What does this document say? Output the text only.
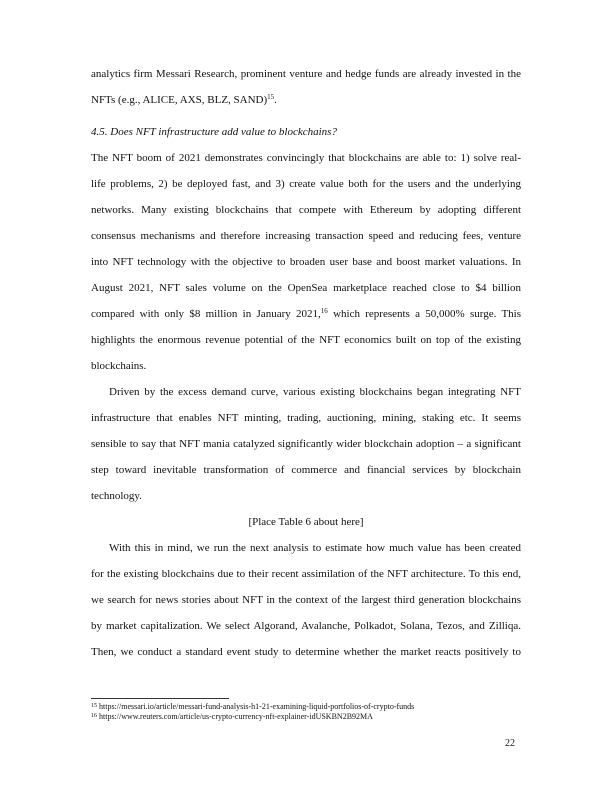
analytics firm Messari Research, prominent venture and hedge funds are already invested in the

NFTs (e.g., ALICE, AXS, BLZ, SAND)$^{15}$.

4.5. Does NFT infrastructure add value to blockchains?

The NFT boom of 2021 demonstrates convincingly that blockchains are able to: 1) solve real-

life problems, 2) be deployed fast, and 3) create value both for the users and the underlying

networks. Many existing blockchains that compete with Ethereum by adopting different

consensus mechanisms and therefore increasing transaction speed and reducing fees, venture

into NFT technology with the objective to broaden user base and boost market valuations. In

August 2021, NFT sales volume on the OpenSea marketplace reached close to $4 billion

compared with only $8 million in January 2021,16 which represents a 50,000% surge. This

highlights the enormous revenue potential of the NFT economics built on top of the existing

blockchains.

Driven by the excess demand curve, various existing blockchains began integrating NFT

infrastructure that enables NFT minting, trading, auctioning, mining, staking etc. It seems

sensible to say that NFT mania catalyzed significantly wider blockchain adoption – a significant

step toward inevitable transformation of commerce and financial services by blockchain

technology.

[Place Table 6 about here]

With this in mind, we run the next analysis to estimate how much value has been created

for the existing blockchains due to their recent assimilation of the NFT architecture. To this end,

we search for news stories about NFT in the context of the largest third generation blockchains

by market capitalization. We select Algorand, Avalanche, Polkadot, Solana, Tezos, and Zilliqa.

Then, we conduct a standard event study to determine whether the market reacts positively to

$^{15}$ https://messari.io/article/messari-fund-analysis-h1-21-examining-liquid-portfolios-of-crypto-funds
$^{16}$ https://www.reuters.com/article/us-crypto-currency-nft-explainer-idUSKBN2B92MA
22
